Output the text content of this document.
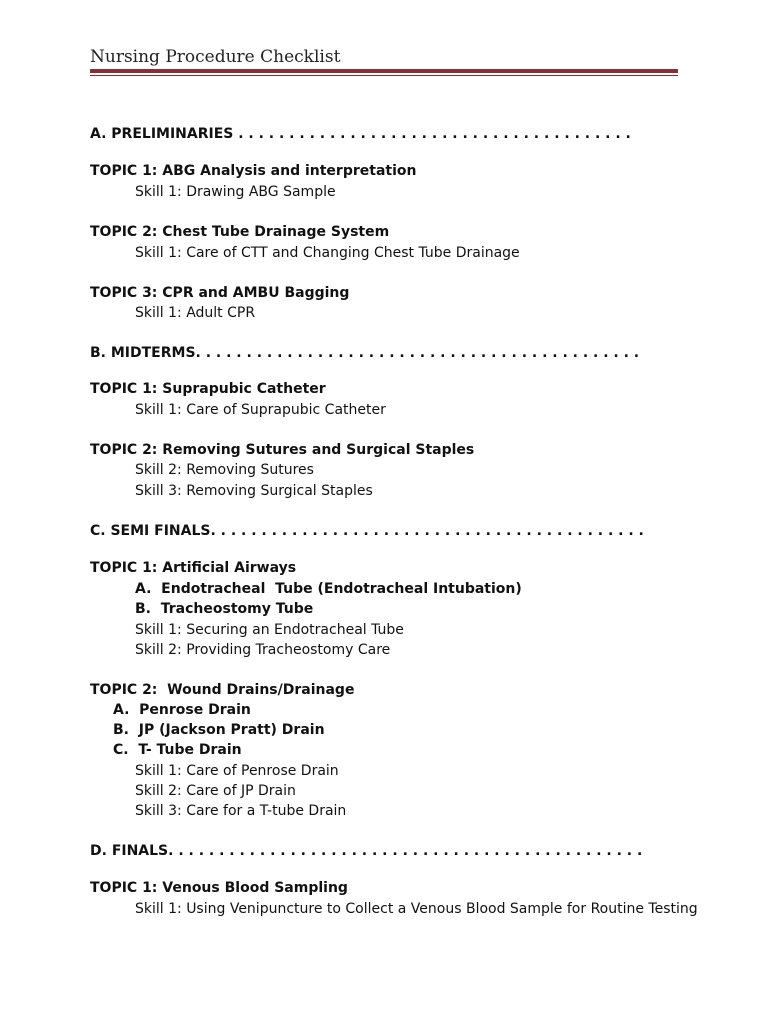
Nursing Procedure Checklist
A. PRELIMINARIES . . . . . . . . . . . . . . . . . . . . . . . . . . . . . . . . . . . . . . .
TOPIC 1: ABG Analysis and interpretation
Skill 1: Drawing ABG Sample
TOPIC 2: Chest Tube Drainage System
Skill 1: Care of CTT and Changing Chest Tube Drainage
TOPIC 3: CPR and AMBU Bagging
Skill 1: Adult CPR
B. MIDTERMS. . . . . . . . . . . . . . . . . . . . . . . . . . . . . . . . . . . . . . . . . . . .
TOPIC 1: Suprapubic Catheter
Skill 1: Care of Suprapubic Catheter
TOPIC 2: Removing Sutures and Surgical Staples
Skill 2: Removing Sutures
Skill 3: Removing Surgical Staples
C. SEMI FINALS. . . . . . . . . . . . . . . . . . . . . . . . . . . . . . . . . . . . . . . . . . .
TOPIC 1: Artificial Airways
A.  Endotracheal  Tube (Endotracheal Intubation)
B.  Tracheostomy Tube
Skill 1: Securing an Endotracheal Tube
Skill 2: Providing Tracheostomy Care
TOPIC 2:  Wound Drains/Drainage
A.  Penrose Drain
B.  JP (Jackson Pratt) Drain
C.  T- Tube Drain
Skill 1: Care of Penrose Drain
Skill 2: Care of JP Drain
Skill 3: Care for a T-tube Drain
D. FINALS. . . . . . . . . . . . . . . . . . . . . . . . . . . . . . . . . . . . . . . . . . . . . . .
TOPIC 1: Venous Blood Sampling
Skill 1: Using Venipuncture to Collect a Venous Blood Sample for Routine Testing
